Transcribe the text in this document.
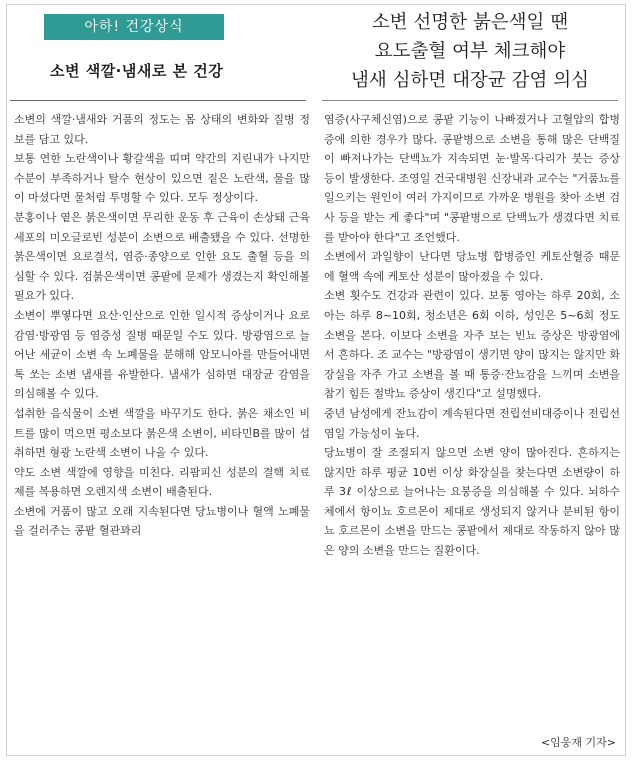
아하! 건강상식
소변 색깔·냄새로 본 건강
소변 선명한 붉은색일 땐
요도출혈 여부 체크해야
냄새 심하면 대장균 감염 의심

소변의 색깔·냄새와 거품의 정도는 몸 상태의 변화와 질병 정보를 담고 있다.

보통 연한 노란색이나 황갈색을 띠며 약간의 지린내가 나지만 수분이 부족하거나 탈수 현상이 있으면 짙은 노란색, 물을 많이 마셨다면 물처럼 투명할 수 있다. 모두 정상이다.

분홍이나 옅은 붉은색이면 무리한 운동 후 근육이 손상돼 근육 세포의 미오글로빈 성분이 소변으로 배출됐을 수 있다. 선명한 붉은색이면 요로결석, 염증·종양으로 인한 요도 출혈 등을 의심할 수 있다. 검붉은색이면 콩팥에 문제가 생겼는지 확인해볼 필요가 있다.

소변이 뿌옇다면 요산·인산으로 인한 일시적 증상이거나 요로감염·방광염 등 염증성 질병 때문일 수도 있다. 방광염으로 늘어난 세균이 소변 속 노폐물을 분해해 암모니아를 만들어내면 톡 쏘는 소변 냄새를 유발한다. 냄새가 심하면 대장균 감염을 의심해볼 수 있다.

섭취한 음식물이 소변 색깔을 바꾸기도 한다. 붉은 채소인 비트를 많이 먹으면 평소보다 붉은색 소변이, 비타민B를 많이 섭취하면 형광 노란색 소변이 나올 수 있다.

약도 소변 색깔에 영향을 미친다. 리팜피신 성분의 결핵 치료제를 복용하면 오렌지색 소변이 배출된다.

소변에 거품이 많고 오래 지속된다면 당뇨병이나 혈액 노폐물을 걸러주는 콩팥 혈관꽈리

염증(사구체신염)으로 콩팥 기능이 나빠졌거나 고혈압의 합병증에 의한 경우가 많다. 콩팥병으로 소변을 통해 많은 단백질이 빠져나가는 단백뇨가 지속되면 눈·발목·다리가 붓는 증상 등이 발생한다. 조영일 건국대병원 신장내과 교수는 "거품뇨를 일으키는 원인이 여러 가지이므로 가까운 병원을 찾아 소변 검사 등을 받는 게 좋다"며 "콩팥병으로 단백뇨가 생겼다면 치료를 받아야 한다"고 조언했다.

소변에서 과일향이 난다면 당뇨병 합병증인 케토산혈증 때문에 혈액 속에 케토산 성분이 많아졌을 수 있다.

소변 횟수도 건강과 관련이 있다. 보통 영아는 하루 20회, 소아는 하루 8~10회, 청소년은 6회 이하, 성인은 5~6회 정도 소변을 본다. 이보다 소변을 자주 보는 빈뇨 증상은 방광염에서 흔하다. 조 교수는 "방광염이 생기면 양이 많지는 않지만 화장실을 자주 가고 소변을 볼 때 통증·잔뇨감을 느끼며 소변을 참기 힘든 절박뇨 증상이 생긴다"고 설명했다.

중년 남성에게 잔뇨감이 계속된다면 전립선비대증이나 전립선염일 가능성이 높다.

당뇨병이 잘 조절되지 않으면 소변 양이 많아진다. 흔하지는 않지만 하루 평균 10번 이상 화장실을 찾는다면 소변량이 하루 3ℓ 이상으로 늘어나는 요붕증을 의심해볼 수 있다. 뇌하수체에서 항이뇨 호르몬이 제대로 생성되지 않거나 분비된 항이뇨 호르몬이 소변을 만드는 콩팥에서 제대로 작동하지 않아 많은 양의 소변을 만드는 질환이다.

<임웅재 기자>
